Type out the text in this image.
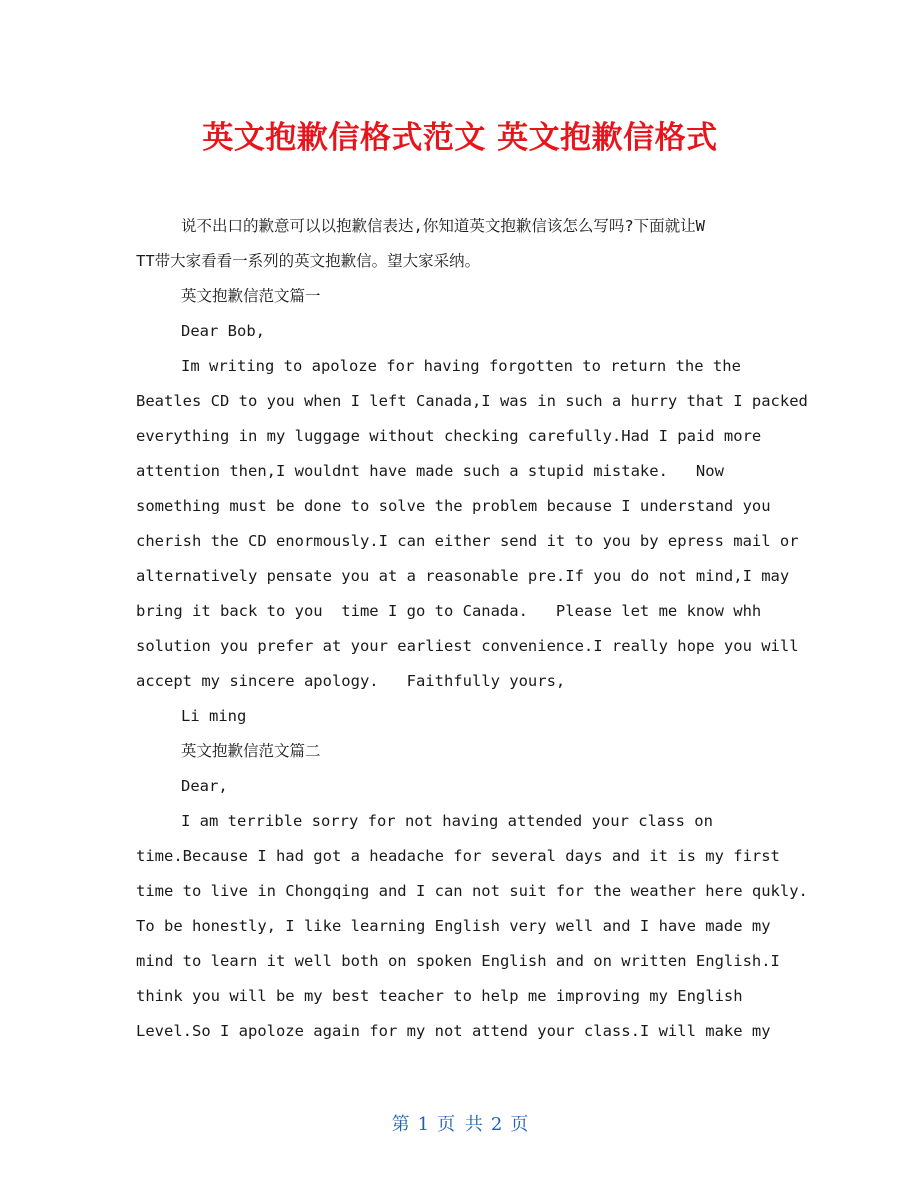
英文抱歉信格式范文 英文抱歉信格式
说不出口的歉意可以以抱歉信表达,你知道英文抱歉信该怎么写吗?下面就让W
TT带大家看看一系列的英文抱歉信。望大家采纳。
英文抱歉信范文篇一
Dear Bob,
Im writing to apoloze for having forgotten to return the the
Beatles CD to you when I left Canada,I was in such a hurry that I packed
everything in my luggage without checking carefully.Had I paid more
attention then,I wouldnt have made such a stupid mistake.   Now
something must be done to solve the problem because I understand you
cherish the CD enormously.I can either send it to you by epress mail or
alternatively pensate you at a reasonable pre.If you do not mind,I may
bring it back to you  time I go to Canada.   Please let me know whh
solution you prefer at your earliest convenience.I really hope you will
accept my sincere apology.   Faithfully yours,
Li ming
英文抱歉信范文篇二
Dear,
I am terrible sorry for not having attended your class on
time.Because I had got a headache for several days and it is my first
time to live in Chongqing and I can not suit for the weather here qukly.
To be honestly, I like learning English very well and I have made my
mind to learn it well both on spoken English and on written English.I
think you will be my best teacher to help me improving my English
Level.So I apoloze again for my not attend your class.I will make my
第 1 页 共 2 页
